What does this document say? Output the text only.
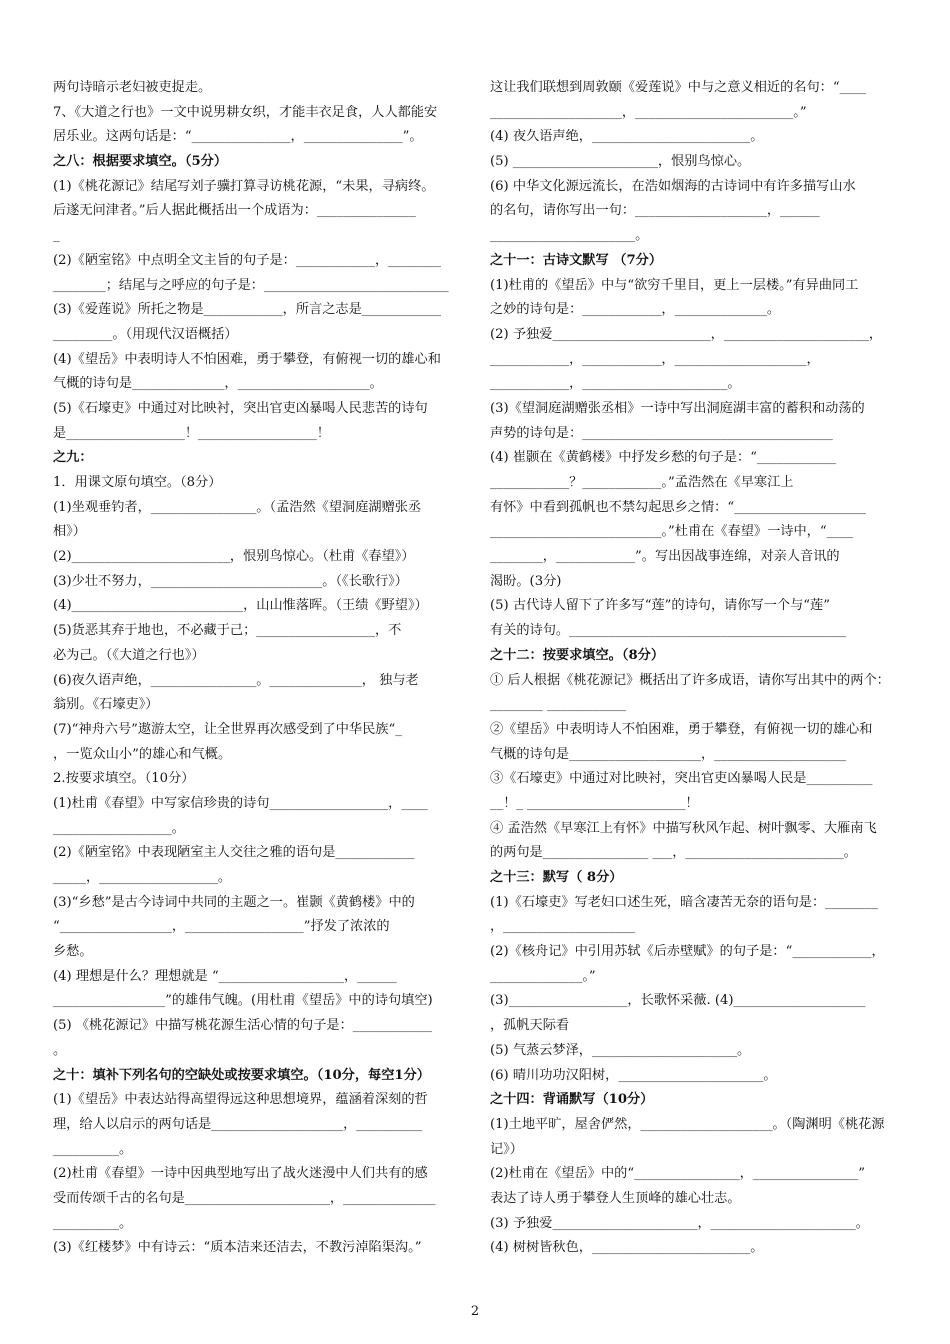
两句诗暗示老妇被吏捉走。
7、《大道之行也》一文中说男耕女织，才能丰衣足食，人人都能安
居乐业。这两句话是：“_______________，_______________”。
之八：根据要求填空。（5分）
(1)《桃花源记》结尾写刘子骥打算寻访桃花源，“未果，寻病终。
后遂无问津者。”后人据此概括出一个成语为：_______________
_
(2)《陋室铭》中点明全文主旨的句子是：____________，________
________；结尾与之呼应的句子是：____________________________
(3)《爱莲说》所托之物是____________，所言之志是____________
_________。（用现代汉语概括）
(4)《望岳》中表明诗人不怕困难，勇于攀登，有俯视一切的雄心和
气概的诗句是______________，____________________。
(5)《石壕吏》中通过对比映衬，突出官吏凶暴喝人民悲苦的诗句
是__________________！__________________！
之九：
1．用课文原句填空。（8分）
(1)坐观垂钓者，________________。（孟浩然《望洞庭湖赠张丞
相》）
(2)________________________，恨别鸟惊心。（杜甫《春望》）
(3)少壮不努力，__________________________。（《长歌行》）
(4)__________________________，山山惟落晖。（王绩《野望》）
(5)货恶其弃于地也，不必藏于己；__________________，不
必为己。（《大道之行也》）
(6)夜久语声绝，________________。______________， 独与老
翁别。《石壕吏》）
(7)“神舟六号”遨游太空，让全世界再次感受到了中华民族“_
，一览众山小”的雄心和气概。
2.按要求填空。（10分）
(1)杜甫《春望》中写家信珍贵的诗句__________________，____
__________________。
(2)《陋室铭》中表现陋室主人交往之雅的语句是____________
_____，__________________。
(3)“乡愁”是古今诗词中共同的主题之一。崔颢《黄鹤楼》中的
“_________________，__________________”抒发了浓浓的
乡愁。
(4) 理想是什么？理想就是 “___________________，______
_________________”的雄伟气魄。(用杜甫《望岳》中的诗句填空)
(5) 《桃花源记》中描写桃花源生活心情的句子是：____________
。
之十：填补下列名句的空缺处或按要求填空。（10分，每空1分）
(1)《望岳》中表达站得高望得远这种思想境界，蕴涵着深刻的哲
理，给人以启示的两句话是____________________，__________
__________。
(2)杜甫《春望》一诗中因典型地写出了战火迷漫中人们共有的感
受而传颂千古的名句是______________________，______________
__________。
(3)《红楼梦》中有诗云：“质本洁来还洁去，不教污淖陷渠沟。”
这让我们联想到周敦颐《爱莲说》中与之意义相近的名句：“____
____________________，________________________。”
(4) 夜久语声绝，________________________。
(5) ______________________，恨别鸟惊心。
(6) 中华文化源远流长，在浩如烟海的古诗词中有许多描写山水
的名句，请你写出一句：____________________，______
______________________。
之十一：古诗文默写 （7分）
(1)杜甫的《望岳》中与“欲穷千里目，更上一层楼。”有异曲同工
之妙的诗句是：____________，______________。
(2) 予独爱________________________，______________________，
____________，____________，____________________，
____________，______________________。
(3)《望洞庭湖赠张丞相》一诗中写出洞庭湖丰富的蓄积和动荡的
声势的诗句是：______________________________________
(4) 崔颢在《黄鹤楼》中抒发乡愁的句子是：“____________
____________？____________。”孟浩然在《早寒江上
有怀》中看到孤帆也不禁勾起思乡之情：“____________________
__________________________。”杜甫在《春望》一诗中，“____
________，____________”。写出因战事连绵，对亲人音讯的
渴盼。(3分)
(5) 古代诗人留下了许多写“莲”的诗句，请你写一个与“莲”
有关的诗句。__________________________________________
之十二：按要求填空。（8分）
① 后人根据《桃花源记》概括出了许多成语，请你写出其中的两个：
________ ____________
②《望岳》中表明诗人不怕困难，勇于攀登，有俯视一切的雄心和
气概的诗句是____________________，____________________
③《石壕吏》中通过对比映衬，突出官吏凶暴喝人民是__________
__！_ ________________________！
④ 孟浩然《早寒江上有怀》中描写秋风乍起、树叶飘零、大雁南飞
的两句是________________ ___，________________________。
之十三：默写（ 8分）
(1)《石壕吏》写老妇口述生死，暗含凄苦无奈的语句是：________
，____________________
(2)《核舟记》中引用苏轼《后赤壁赋》的句子是：“____________，
______________。”
(3)__________________，长歌怀采薇. (4)____________________
，孤帆天际看
(5) 气蒸云梦泽，______________________。
(6) 晴川功功汉阳树，______________________。
之十四：背诵默写（10分）
(1)土地平旷，屋舍俨然，____________________。（陶渊明《桃花源
记》）
(2)杜甫在《望岳》中的“________________，________________”
表达了诗人勇于攀登人生顶峰的雄心壮志。
(3) 予独爱______________________，______________________。
(4) 树树皆秋色，________________________。
2
